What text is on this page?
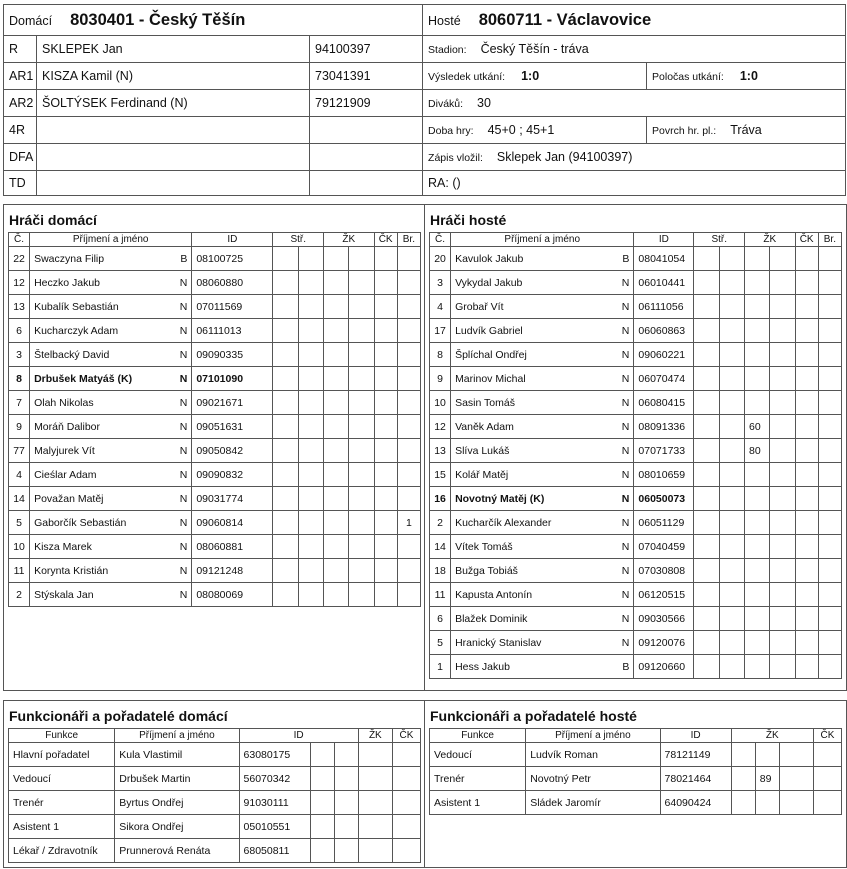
Domácí 8030401 - Český Těšín			Hosté 8060711 - Václavovice	
R	SKLEPEK Jan	94100397	Stadion: Český Těšín - tráva	
AR1	KISZA Kamil (N)	73041391	Výsledek utkání: 1:0	Poločas utkání: 1:0
AR2	ŠOLTÝSEK Ferdinand (N)	79121909	Diváků: 30	
4R			Doba hry: 45+0 ; 45+1	Povrch hr. pl.: Tráva
DFA			Zápis vložil: Sklepek Jan (94100397)	
TD			RA: ()	
Hráči domácí	Hráči hosté
Č.	Příjmení a jméno		ID	Stř.		ŽK		ČK	Br.
22	Swaczyna Filip	B	08100725						
12	Heczko Jakub	N	08060880						
13	Kubalík Sebastián	N	07011569						
6	Kucharczyk Adam	N	06111013						
3	Štelbacký David	N	09090335						
8	Drbušek Matyáš (K)	N	07101090						
7	Olah Nikolas	N	09021671						
9	Moráň Dalibor	N	09051631						
77	Malyjurek Vít	N	09050842						
4	Cieślar Adam	N	09090832						
14	Považan Matěj	N	09031774						
5	Gaborčík Sebastián	N	09060814						1
10	Kisza Marek	N	08060881						
11	Korynta Kristián	N	09121248						
2	Stýskala Jan	N	08080069						
Č.	Příjmení a jméno		ID	Stř.		ŽK		ČK	Br.
20	Kavulok Jakub	B	08041054						
3	Vykydal Jakub	N	06010441						
4	Grobař Vít	N	06111056						
17	Ludvík Gabriel	N	06060863						
8	Šplíchal Ondřej	N	09060221						
9	Marinov Michal	N	06070474						
10	Sasin Tomáš	N	06080415						
12	Vaněk Adam	N	08091336			60			
13	Slíva Lukáš	N	07071733			80			
15	Kolář Matěj	N	08010659						
16	Novotný Matěj (K)	N	06050073						
2	Kucharčík Alexander	N	06051129						
14	Vítek Tomáš	N	07040459						
18	Bužga Tobiáš	N	07030808						
11	Kapusta Antonín	N	06120515						
6	Blažek Dominik	N	09030566						
5	Hranický Stanislav	N	09120076						
1	Hess Jakub	B	09120660						
Funkcionáři a pořadatelé domácí	Funkcionáři a pořadatelé hosté
Funkce	Příjmení a jméno	ID			ŽK	ČK
Hlavní pořadatel	Kula Vlastimil	63080175				
Vedoucí	Drbušek Martin	56070342				
Trenér	Byrtus Ondřej	91030111				
Asistent 1	Sikora Ondřej	05010551				
Lékař / Zdravotník	Prunnerová Renáta	68050811				
Funkce	Příjmení a jméno	ID	ŽK			ČK
Vedoucí	Ludvík Roman	78121149				
Trenér	Novotný Petr	78021464		89		
Asistent 1	Sládek Jaromír	64090424				
